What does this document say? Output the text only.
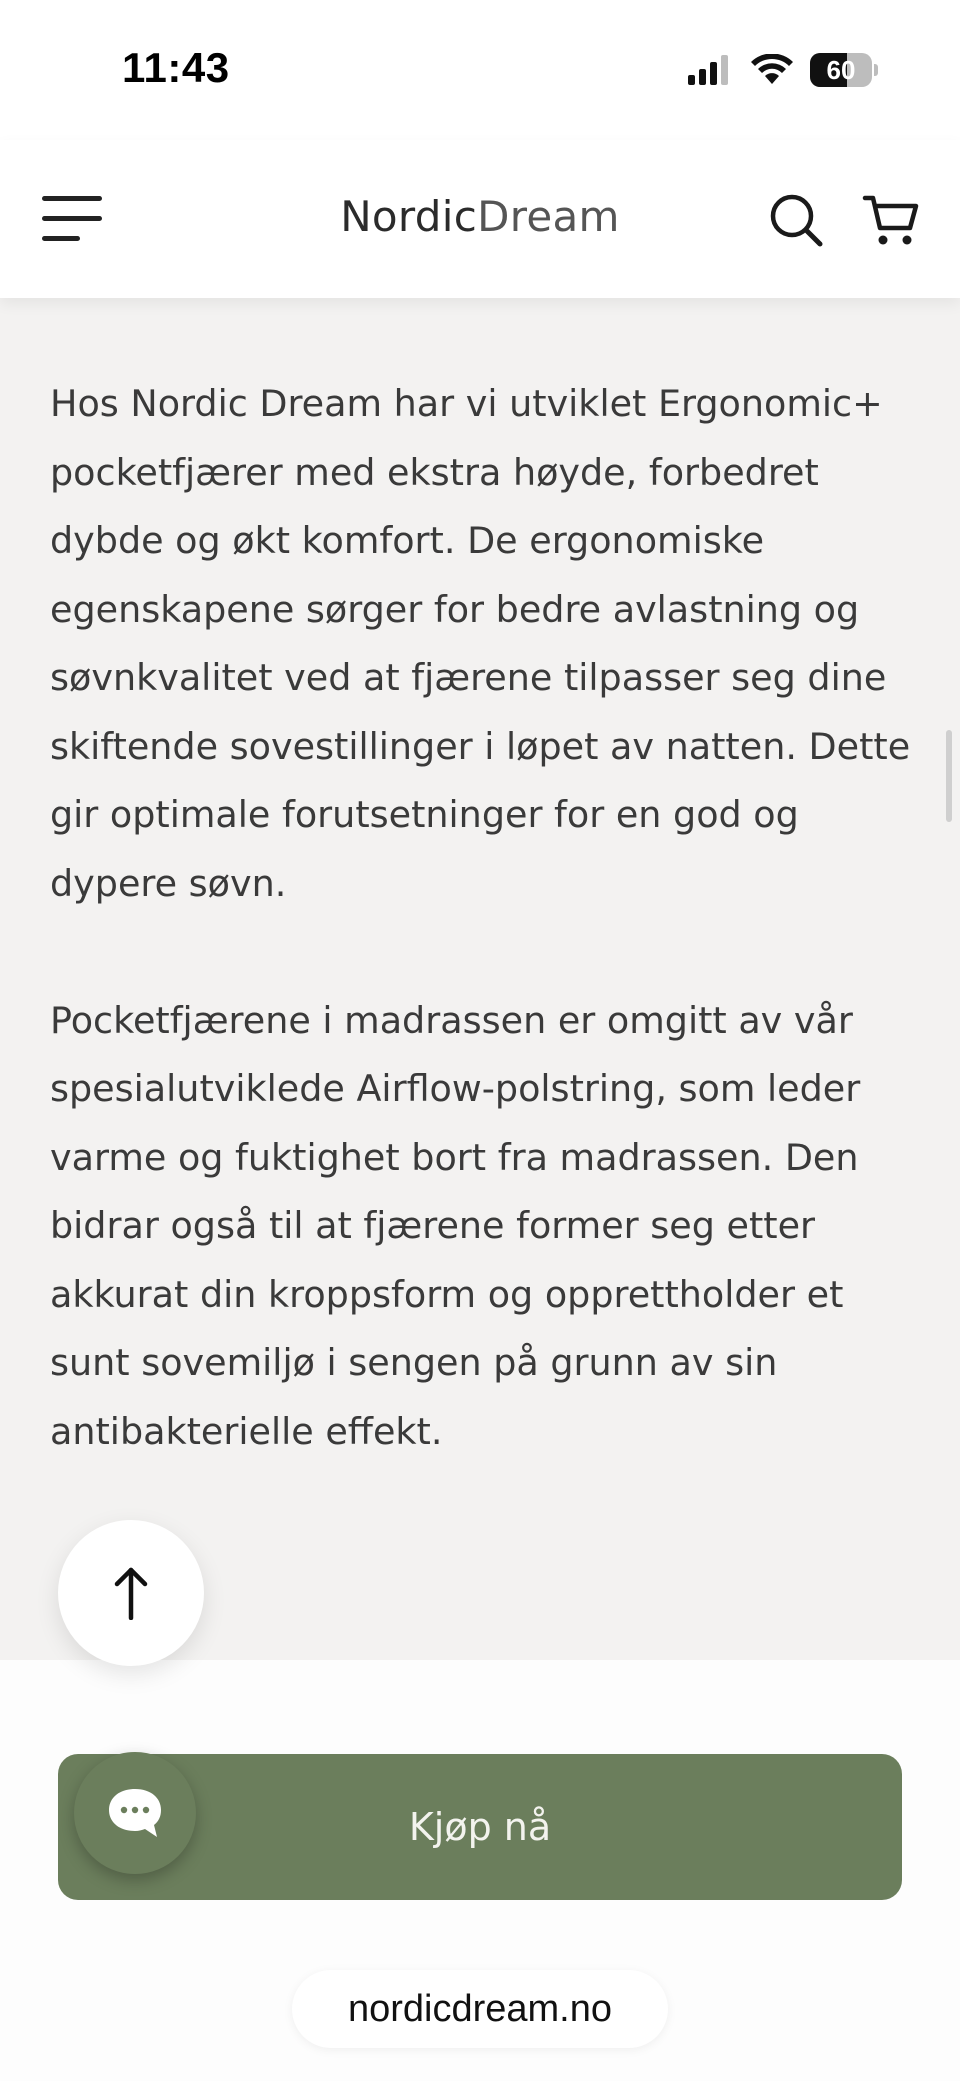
11:43	60
NordicDream

Hos Nordic Dream har vi utviklet Ergonomic+ pocketfjærer med ekstra høyde, forbedret dybde og økt komfort. De ergonomiske egenskapene sørger for bedre avlastning og søvnkvalitet ved at fjærene tilpasser seg dine skiftende sovestillinger i løpet av natten. Dette gir optimale forutsetninger for en god og dypere søvn.

Pocketfjærene i madrassen er omgitt av vår spesialutviklede Airflow-polstring, som leder varme og fuktighet bort fra madrassen. Den bidrar også til at fjærene former seg etter akkurat din kroppsform og opprettholder et sunt sovemiljø i sengen på grunn av sin antibakterielle effekt.

Kjøp nå
nordicdream.no
